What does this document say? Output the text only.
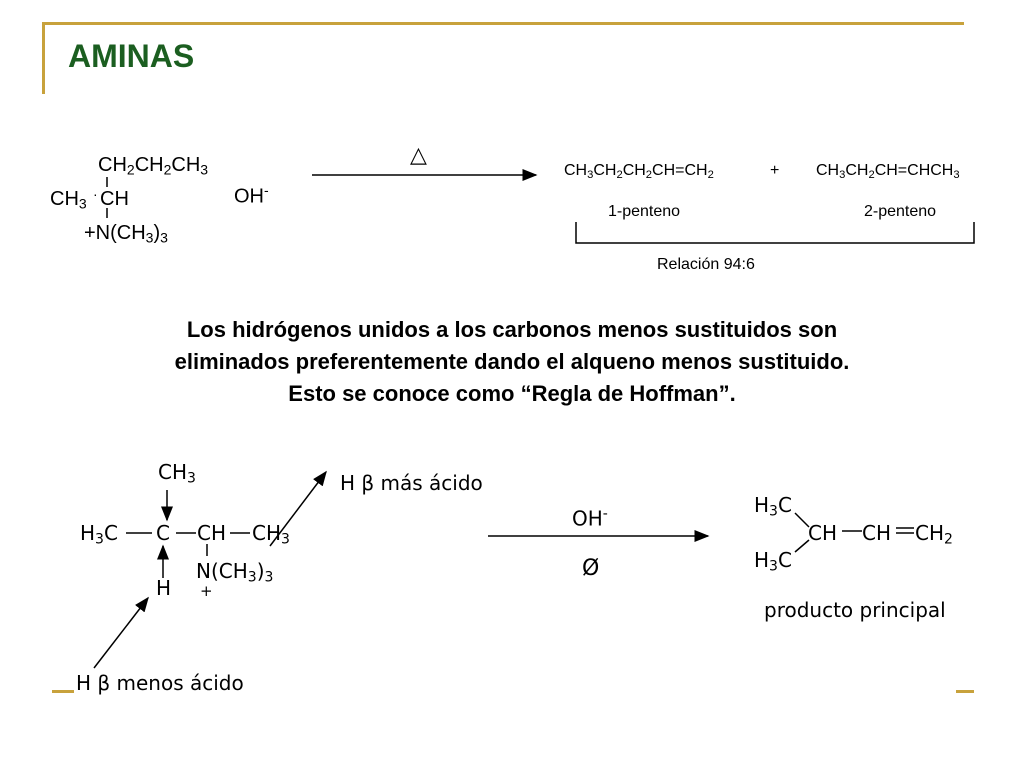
AMINAS
$CH_2CH_2CH_3$
$CH_3$
· CH
$+N(CH_3)_3$
OH-
△
$CH_3CH_2CH_2CH=CH_2$	+ $CH_3CH_2CH=CHCH_3$
1-penteno	2-penteno
Relación 94:6
Los hidrógenos unidos a los carbonos menos sustituidos son
eliminados preferentemente dando el alqueno menos sustituido.
Esto se conoce como “Regla de Hoffman”.
$CH_3$
$H_3C$ C CH $CH_3$
$N(CH_3)_3$
+
H
H β más ácido
H β menos ácido
OH-
Ø
$H_3C$
CH CH $CH_2$
$H_3C$
producto principal
